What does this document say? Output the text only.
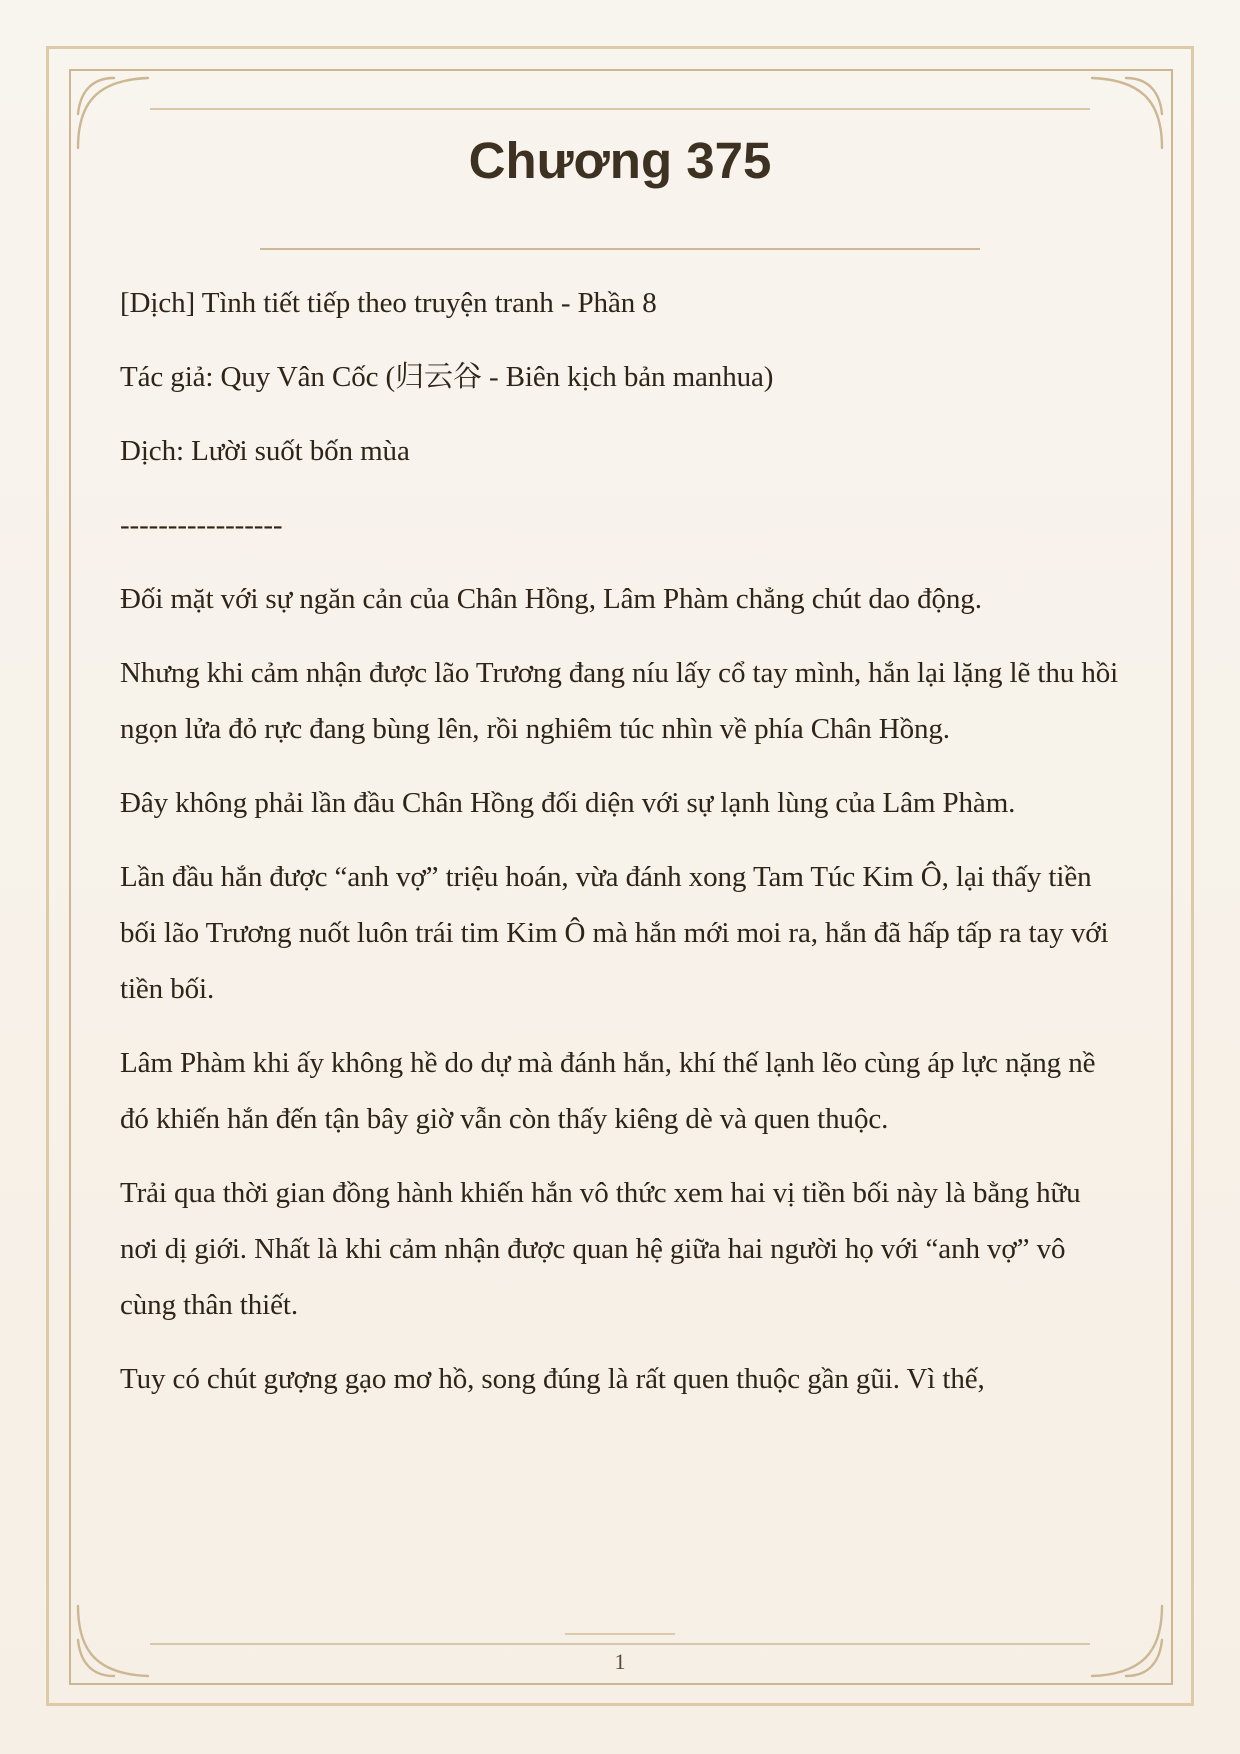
Chương 375

[Dịch] Tình tiết tiếp theo truyện tranh - Phần 8

Tác giả: Quy Vân Cốc (归云谷 - Biên kịch bản manhua)

Dịch: Lười suốt bốn mùa

-----------------

Đối mặt với sự ngăn cản của Chân Hồng, Lâm Phàm chẳng chút dao động.

Nhưng khi cảm nhận được lão Trương đang níu lấy cổ tay mình, hắn lại lặng lẽ thu hồi ngọn lửa đỏ rực đang bùng lên, rồi nghiêm túc nhìn về phía Chân Hồng.

Đây không phải lần đầu Chân Hồng đối diện với sự lạnh lùng của Lâm Phàm.

Lần đầu hắn được “anh vợ” triệu hoán, vừa đánh xong Tam Túc Kim Ô, lại thấy tiền bối lão Trương nuốt luôn trái tim Kim Ô mà hắn mới moi ra, hắn đã hấp tấp ra tay với tiền bối.

Lâm Phàm khi ấy không hề do dự mà đánh hắn, khí thế lạnh lẽo cùng áp lực nặng nề đó khiến hắn đến tận bây giờ vẫn còn thấy kiêng dè và quen thuộc.

Trải qua thời gian đồng hành khiến hắn vô thức xem hai vị tiền bối này là bằng hữu nơi dị giới. Nhất là khi cảm nhận được quan hệ giữa hai người họ với “anh vợ” vô cùng thân thiết.

Tuy có chút gượng gạo mơ hồ, song đúng là rất quen thuộc gần gũi. Vì thế,

1
